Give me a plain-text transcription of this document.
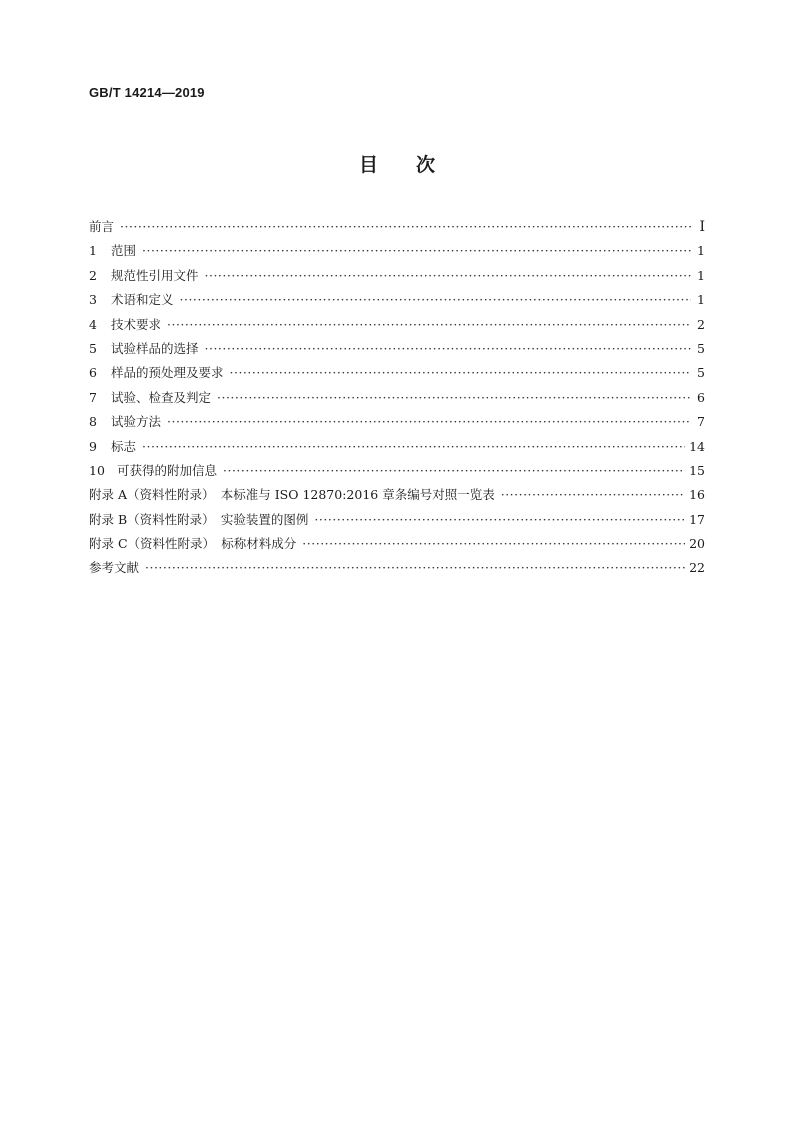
GB/T 14214—2019
目　　次
前言 ·····	Ⅰ
1	范围 ·····	1
2	规范性引用文件 ·····	1
3	术语和定义 ·····	1
4	技术要求 ·····	2
5	试验样品的选择 ·····	5
6	样品的预处理及要求 ·····	5
7	试验、检查及判定 ·····	6
8	试验方法 ·····	7
9	标志 ·····	14
10 可获得的附加信息 ·····	15
附录 A（资料性附录）　本标准与 ISO 12870:2016 章条编号对照一览表 ·····	16
附录 B（资料性附录）　实验装置的图例 ·····	17
附录 C（资料性附录）　标称材料成分 ·····	20
参考文献 ·····	22
